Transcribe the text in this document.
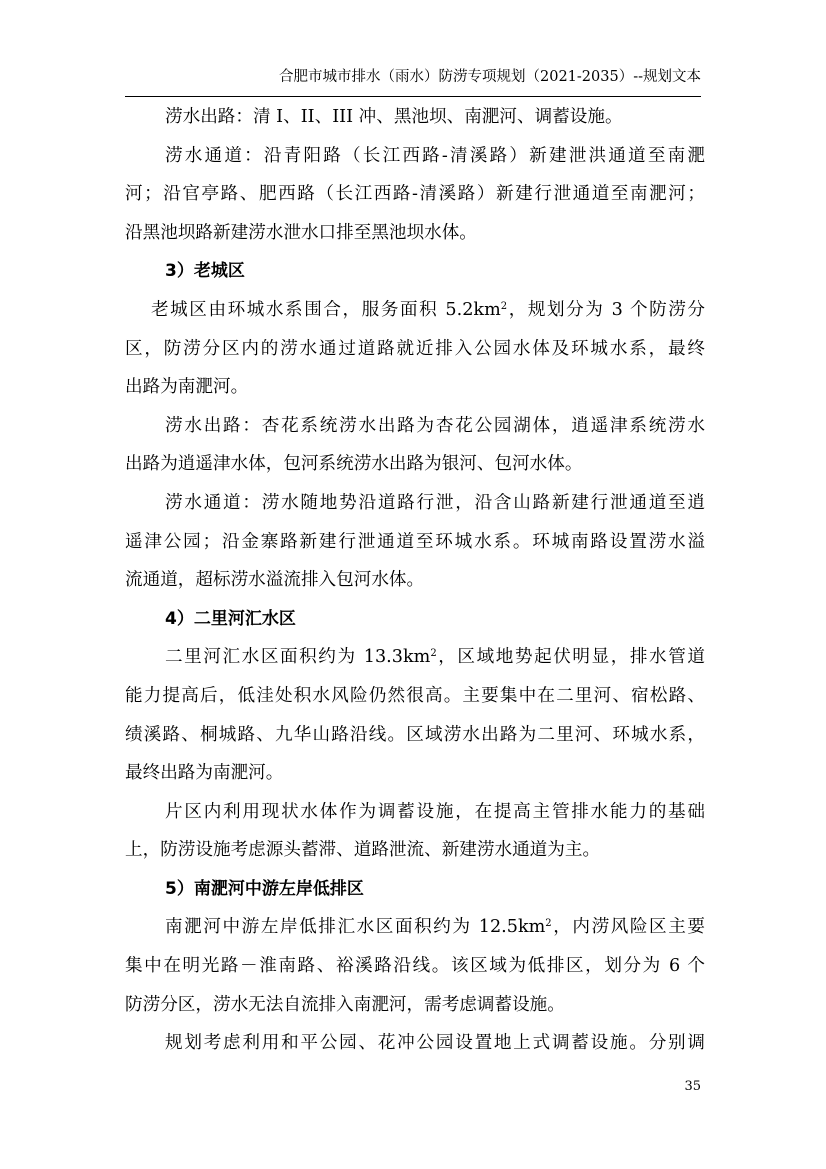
合肥市城市排水（雨水）防涝专项规划（2021-2035）--规划文本
涝水出路：清 I、II、III 冲、黑池坝、南淝河、调蓄设施。
涝水通道：沿青阳路（长江西路-清溪路）新建泄洪通道至南淝
河；沿官亭路、肥西路（长江西路-清溪路）新建行泄通道至南淝河；
沿黑池坝路新建涝水泄水口排至黑池坝水体。
3）老城区
老城区由环城水系围合，服务面积 $5.2km^2$，规划分为 3 个防涝分
区，防涝分区内的涝水通过道路就近排入公园水体及环城水系，最终
出路为南淝河。
涝水出路：杏花系统涝水出路为杏花公园湖体，逍遥津系统涝水
出路为逍遥津水体，包河系统涝水出路为银河、包河水体。
涝水通道：涝水随地势沿道路行泄，沿含山路新建行泄通道至逍
遥津公园；沿金寨路新建行泄通道至环城水系。环城南路设置涝水溢
流通道，超标涝水溢流排入包河水体。
4）二里河汇水区
二里河汇水区面积约为 $13.3km^2$，区域地势起伏明显，排水管道
能力提高后，低洼处积水风险仍然很高。主要集中在二里河、宿松路、
绩溪路、桐城路、九华山路沿线。区域涝水出路为二里河、环城水系，
最终出路为南淝河。
片区内利用现状水体作为调蓄设施，在提高主管排水能力的基础
上，防涝设施考虑源头蓄滞、道路泄流、新建涝水通道为主。
5）南淝河中游左岸低排区
南淝河中游左岸低排汇水区面积约为 $12.5km^2$，内涝风险区主要
集中在明光路－淮南路、裕溪路沿线。该区域为低排区，划分为 6 个
防涝分区，涝水无法自流排入南淝河，需考虑调蓄设施。
规划考虑利用和平公园、花冲公园设置地上式调蓄设施。分别调
35
